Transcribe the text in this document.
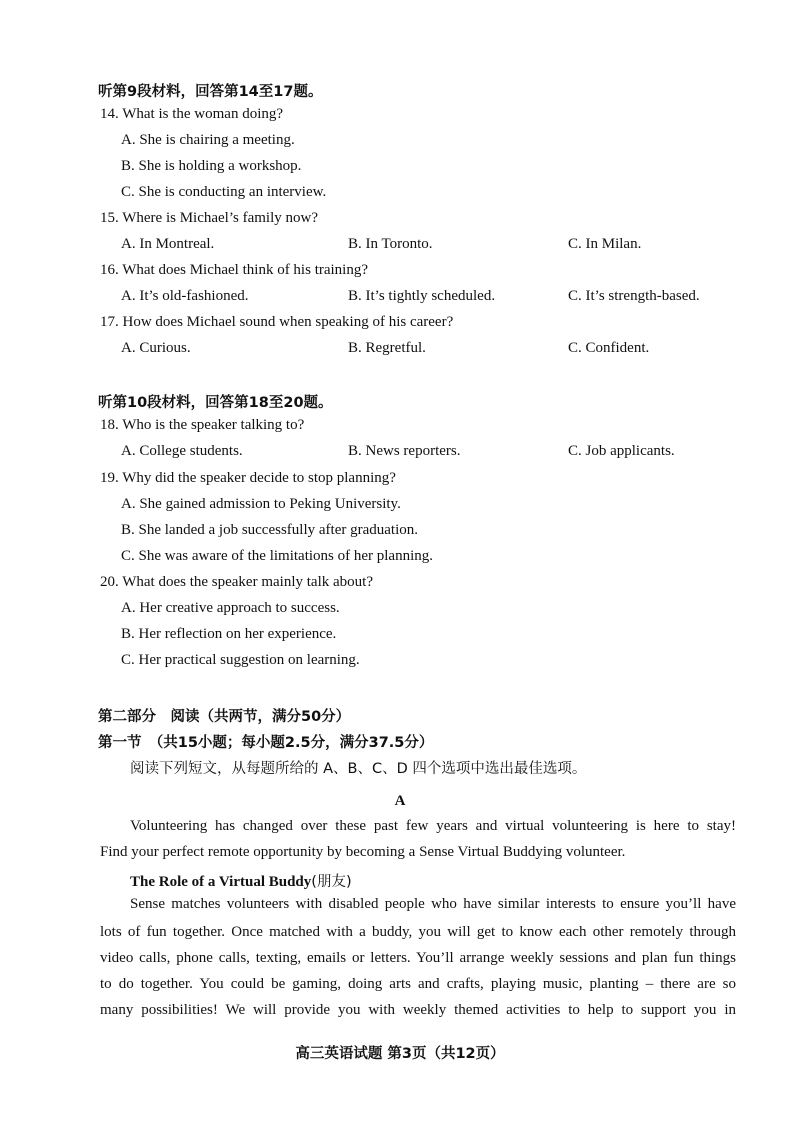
听第9段材料，回答第14至17题。
14. What is the woman doing?
A. She is chairing a meeting.
B. She is holding a workshop.
C. She is conducting an interview.
15. Where is Michael’s family now?
A. In Montreal.	B. In Toronto.	C. In Milan.
16. What does Michael think of his training?
A. It’s old-fashioned.	B. It’s tightly scheduled.	C. It’s strength-based.
17. How does Michael sound when speaking of his career?
A. Curious.	B. Regretful.	C. Confident.
听第10段材料，回答第18至20题。
18. Who is the speaker talking to?
A. College students.	B. News reporters.	C. Job applicants.
19. Why did the speaker decide to stop planning?
A. She gained admission to Peking University.
B. She landed a job successfully after graduation.
C. She was aware of the limitations of her planning.
20. What does the speaker mainly talk about?
A. Her creative approach to success.
B. Her reflection on her experience.
C. Her practical suggestion on learning.
第二部分　阅读（共两节，满分50分）
第一节　（共15小题；每小题2.5分，满分37.5分）
阅读下列短文，从每题所给的 A、B、C、D 四个选项中选出最佳选项。
A
Volunteering has changed over these past few years and virtual volunteering is here to stay!
Find your perfect remote opportunity by becoming a Sense Virtual Buddying volunteer.
The Role of a Virtual Buddy(朋友)
Sense matches volunteers with disabled people who have similar interests to ensure you’ll have
lots of fun together. Once matched with a buddy, you will get to know each other remotely through
video calls, phone calls, texting, emails or letters. You’ll arrange weekly sessions and plan fun things
to do together. You could be gaming, doing arts and crafts, playing music, planting – there are so
many possibilities! We will provide you with weekly themed activities to help to support you in
高三英语试题 第3页（共12页）
